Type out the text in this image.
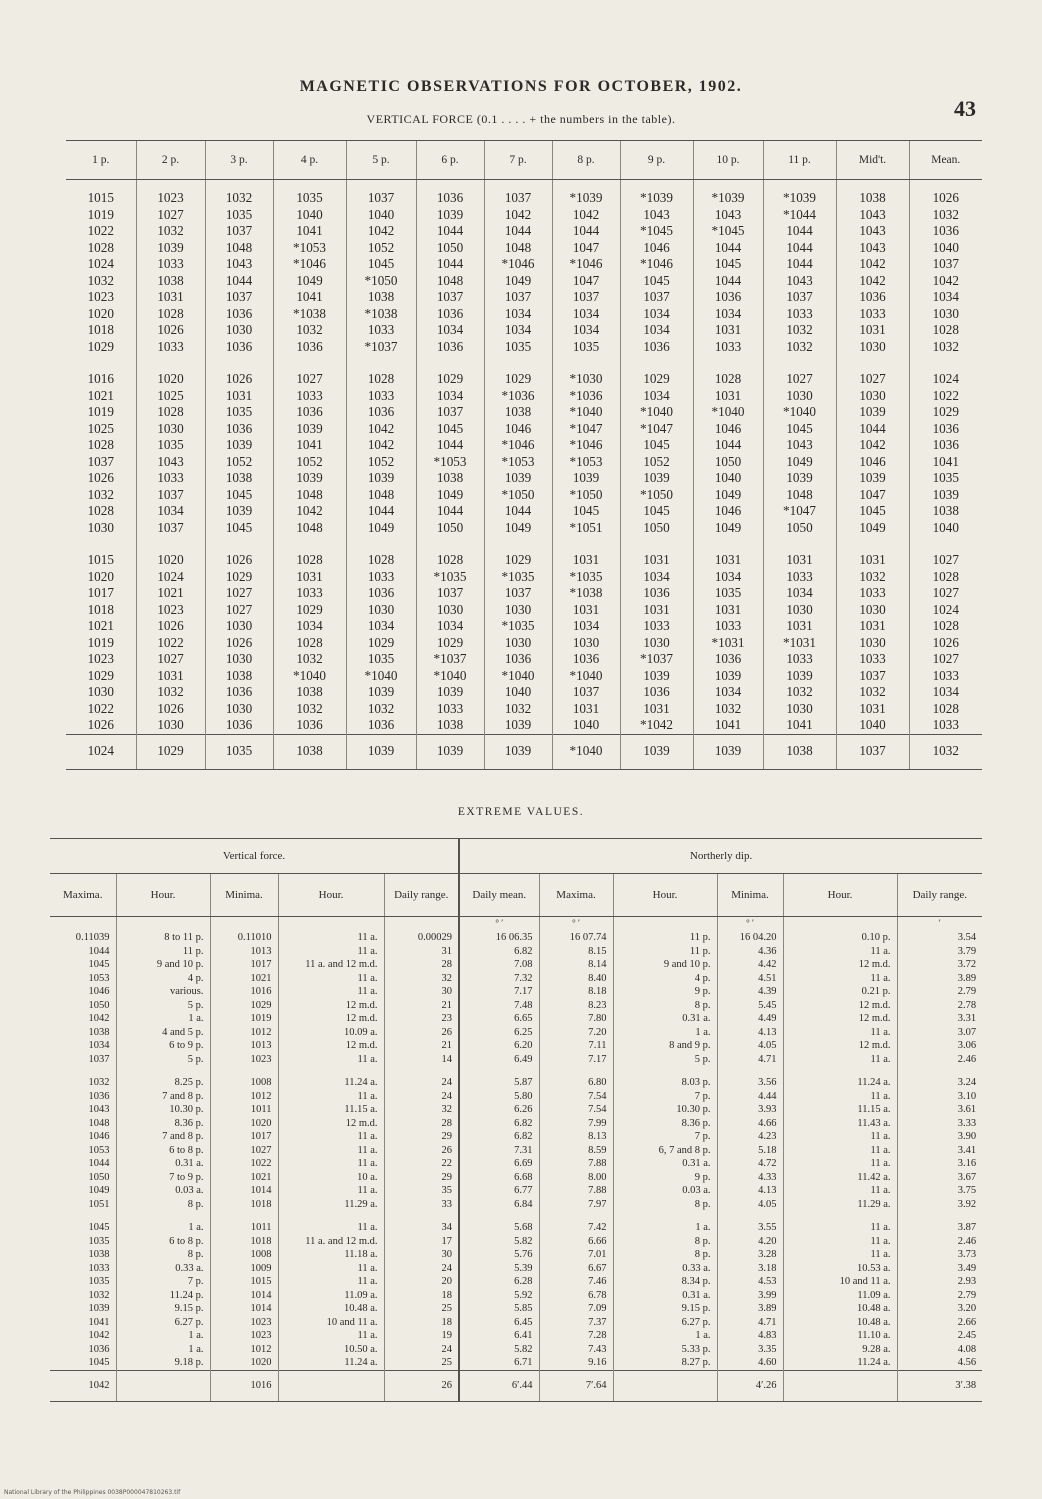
MAGNETIC OBSERVATIONS FOR OCTOBER, 1902.
43
VERTICAL FORCE (0.1 . . . . + the numbers in the table).
1 p.	2 p.	3 p.	4 p.	5 p.	6 p.	7 p.	8 p.	9 p.	10 p.	11 p.	Mid't.	Mean.

1015	1023	1032	1035	1037	1036	1037	*1039	*1039	*1039	*1039	1038	1026
1019	1027	1035	1040	1040	1039	1042	1042	1043	1043	*1044	1043	1032
1022	1032	1037	1041	1042	1044	1044	1044	*1045	*1045	1044	1043	1036
1028	1039	1048	*1053	1052	1050	1048	1047	1046	1044	1044	1043	1040
1024	1033	1043	*1046	1045	1044	*1046	*1046	*1046	1045	1044	1042	1037
1032	1038	1044	1049	*1050	1048	1049	1047	1045	1044	1043	1042	1042
1023	1031	1037	1041	1038	1037	1037	1037	1037	1036	1037	1036	1034
1020	1028	1036	*1038	*1038	1036	1034	1034	1034	1034	1033	1033	1030
1018	1026	1030	1032	1033	1034	1034	1034	1034	1031	1032	1031	1028
1029	1033	1036	1036	*1037	1036	1035	1035	1036	1033	1032	1030	1032

1016	1020	1026	1027	1028	1029	1029	*1030	1029	1028	1027	1027	1024
1021	1025	1031	1033	1033	1034	*1036	*1036	1034	1031	1030	1030	1022
1019	1028	1035	1036	1036	1037	1038	*1040	*1040	*1040	*1040	1039	1029
1025	1030	1036	1039	1042	1045	1046	*1047	*1047	1046	1045	1044	1036
1028	1035	1039	1041	1042	1044	*1046	*1046	1045	1044	1043	1042	1036
1037	1043	1052	1052	1052	*1053	*1053	*1053	1052	1050	1049	1046	1041
1026	1033	1038	1039	1039	1038	1039	1039	1039	1040	1039	1039	1035
1032	1037	1045	1048	1048	1049	*1050	*1050	*1050	1049	1048	1047	1039
1028	1034	1039	1042	1044	1044	1044	1045	1045	1046	*1047	1045	1038
1030	1037	1045	1048	1049	1050	1049	*1051	1050	1049	1050	1049	1040

1015	1020	1026	1028	1028	1028	1029	1031	1031	1031	1031	1031	1027
1020	1024	1029	1031	1033	*1035	*1035	*1035	1034	1034	1033	1032	1028
1017	1021	1027	1033	1036	1037	1037	*1038	1036	1035	1034	1033	1027
1018	1023	1027	1029	1030	1030	1030	1031	1031	1031	1030	1030	1024
1021	1026	1030	1034	1034	1034	*1035	1034	1033	1033	1031	1031	1028
1019	1022	1026	1028	1029	1029	1030	1030	1030	*1031	*1031	1030	1026
1023	1027	1030	1032	1035	*1037	1036	1036	*1037	1036	1033	1033	1027
1029	1031	1038	*1040	*1040	*1040	*1040	*1040	1039	1039	1039	1037	1033
1030	1032	1036	1038	1039	1039	1040	1037	1036	1034	1032	1032	1034
1022	1026	1030	1032	1032	1033	1032	1031	1031	1032	1030	1031	1028
1026	1030	1036	1036	1036	1038	1039	1040	*1042	1041	1041	1040	1033
1024	1029	1035	1038	1039	1039	1039	*1040	1039	1039	1038	1037	1032
EXTREME VALUES.
Vertical force.					Northerly dip.					
Maxima.	Hour.	Minima.	Hour.	Daily range.	Daily mean.	Maxima.	Hour.	Minima.	Hour.	Daily range.
					° ′	° ′		° ′		′
0.11039	8 to 11 p.	0.11010	11 a.	0.00029	16 06.35	16 07.74	11 p.	16 04.20	0.10 p.	3.54
1044	11 p.	1013	11 a.	31	6.82	8.15	11 p.	4.36	11 a.	3.79
1045	9 and 10 p.	1017	11 a. and 12 m.d.	28	7.08	8.14	9 and 10 p.	4.42	12 m.d.	3.72
1053	4 p.	1021	11 a.	32	7.32	8.40	4 p.	4.51	11 a.	3.89
1046	various.	1016	11 a.	30	7.17	8.18	9 p.	4.39	0.21 p.	2.79
1050	5 p.	1029	12 m.d.	21	7.48	8.23	8 p.	5.45	12 m.d.	2.78
1042	1 a.	1019	12 m.d.	23	6.65	7.80	0.31 a.	4.49	12 m.d.	3.31
1038	4 and 5 p.	1012	10.09 a.	26	6.25	7.20	1 a.	4.13	11 a.	3.07
1034	6 to 9 p.	1013	12 m.d.	21	6.20	7.11	8 and 9 p.	4.05	12 m.d.	3.06
1037	5 p.	1023	11 a.	14	6.49	7.17	5 p.	4.71	11 a.	2.46

1032	8.25 p.	1008	11.24 a.	24	5.87	6.80	8.03 p.	3.56	11.24 a.	3.24
1036	7 and 8 p.	1012	11 a.	24	5.80	7.54	7 p.	4.44	11 a.	3.10
1043	10.30 p.	1011	11.15 a.	32	6.26	7.54	10.30 p.	3.93	11.15 a.	3.61
1048	8.36 p.	1020	12 m.d.	28	6.82	7.99	8.36 p.	4.66	11.43 a.	3.33
1046	7 and 8 p.	1017	11 a.	29	6.82	8.13	7 p.	4.23	11 a.	3.90
1053	6 to 8 p.	1027	11 a.	26	7.31	8.59	6, 7 and 8 p.	5.18	11 a.	3.41
1044	0.31 a.	1022	11 a.	22	6.69	7.88	0.31 a.	4.72	11 a.	3.16
1050	7 to 9 p.	1021	10 a.	29	6.68	8.00	9 p.	4.33	11.42 a.	3.67
1049	0.03 a.	1014	11 a.	35	6.77	7.88	0.03 a.	4.13	11 a.	3.75
1051	8 p.	1018	11.29 a.	33	6.84	7.97	8 p.	4.05	11.29 a.	3.92

1045	1 a.	1011	11 a.	34	5.68	7.42	1 a.	3.55	11 a.	3.87
1035	6 to 8 p.	1018	11 a. and 12 m.d.	17	5.82	6.66	8 p.	4.20	11 a.	2.46
1038	8 p.	1008	11.18 a.	30	5.76	7.01	8 p.	3.28	11 a.	3.73
1033	0.33 a.	1009	11 a.	24	5.39	6.67	0.33 a.	3.18	10.53 a.	3.49
1035	7 p.	1015	11 a.	20	6.28	7.46	8.34 p.	4.53	10 and 11 a.	2.93
1032	11.24 p.	1014	11.09 a.	18	5.92	6.78	0.31 a.	3.99	11.09 a.	2.79
1039	9.15 p.	1014	10.48 a.	25	5.85	7.09	9.15 p.	3.89	10.48 a.	3.20
1041	6.27 p.	1023	10 and 11 a.	18	6.45	7.37	6.27 p.	4.71	10.48 a.	2.66
1042	1 a.	1023	11 a.	19	6.41	7.28	1 a.	4.83	11.10 a.	2.45
1036	1 a.	1012	10.50 a.	24	5.82	7.43	5.33 p.	3.35	9.28 a.	4.08
1045	9.18 p.	1020	11.24 a.	25	6.71	9.16	8.27 p.	4.60	11.24 a.	4.56
1042		1016		26	6′.44	7′.64		4′.26		3′.38
National Library of the Philippines 0038P000047810263.tif
